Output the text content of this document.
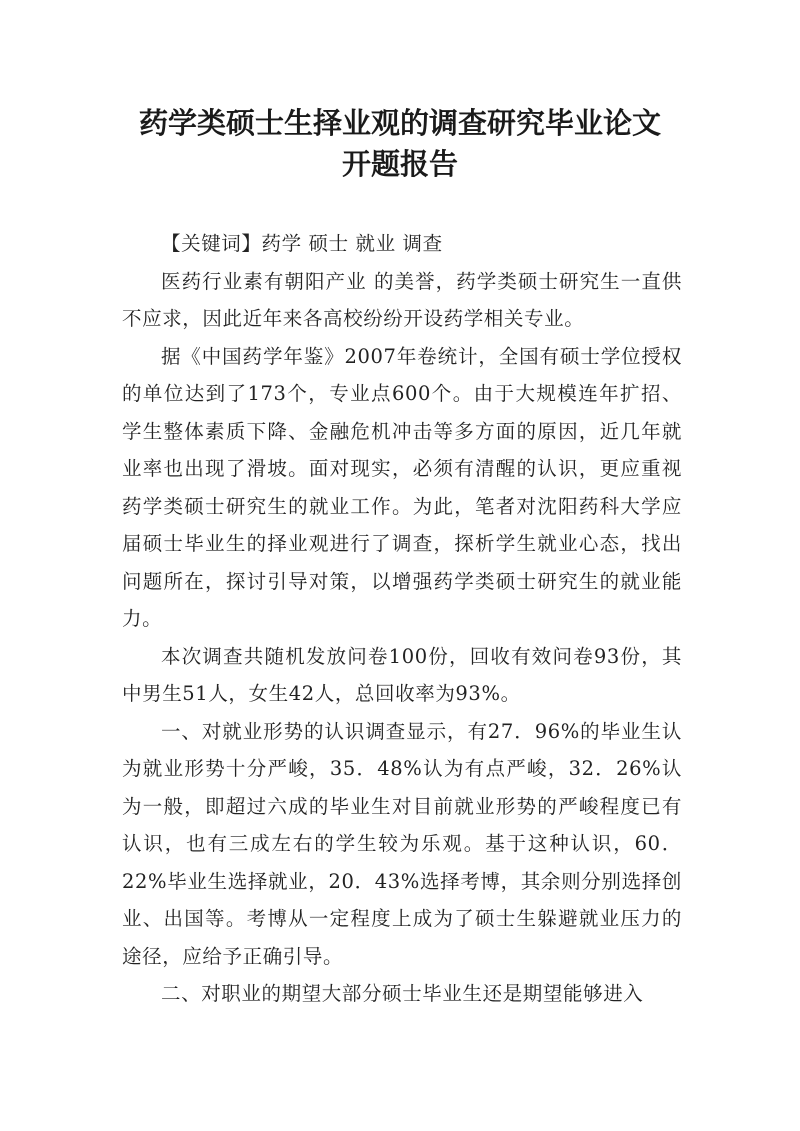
药学类硕士生择业观的调查研究毕业论文
开题报告

【关键词】药学 硕士 就业 调查

医药行业素有朝阳产业 的美誉，药学类硕士研究生一直供不应求，因此近年来各高校纷纷开设药学相关专业。

据《中国药学年鉴》2007年卷统计，全国有硕士学位授权的单位达到了173个，专业点600个。由于大规模连年扩招、学生整体素质下降、金融危机冲击等多方面的原因，近几年就业率也出现了滑坡。面对现实，必须有清醒的认识，更应重视药学类硕士研究生的就业工作。为此，笔者对沈阳药科大学应届硕士毕业生的择业观进行了调查，探析学生就业心态，找出问题所在，探讨引导对策，以增强药学类硕士研究生的就业能力。

本次调查共随机发放问卷100份，回收有效问卷93份，其中男生51人，女生42人，总回收率为93%。

一、对就业形势的认识调查显示，有27．96%的毕业生认为就业形势十分严峻，35．48%认为有点严峻，32．26%认为一般，即超过六成的毕业生对目前就业形势的严峻程度已有认识，也有三成左右的学生较为乐观。基于这种认识，60．22%毕业生选择就业，20．43%选择考博，其余则分别选择创业、出国等。考博从一定程度上成为了硕士生躲避就业压力的途径，应给予正确引导。

二、对职业的期望大部分硕士毕业生还是期望能够进入
